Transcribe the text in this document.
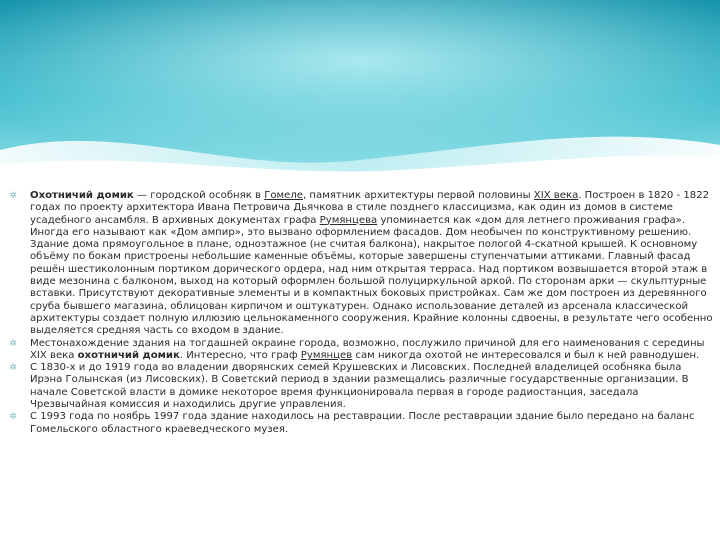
✲ Охотничий домик — городской особняк в Гомеле, памятник архитектуры первой половины XIX века. Построен в 1820 - 1822 годах по проекту архитектора Ивана Петровича Дьячкова в стиле позднего классицизма, как один из домов в системе усадебного ансамбля. В архивных документах графа Румянцева упоминается как «дом для летнего проживания графа». Иногда его называют как «Дом ампир», это вызвано оформлением фасадов. Дом необычен по конструктивному решению. Здание дома прямоугольное в плане, одноэтажное (не считая балкона), накрытое пологой 4-скатной крышей. К основному объёму по бокам пристроены небольшие каменные объёмы, которые завершены ступенчатыми аттиками. Главный фасад решён шестиколонным портиком дорического ордера, над ним открытая терраса. Над портиком возвышается второй этаж в виде мезонина с балконом, выход на который оформлен большой полуциркульной аркой. По сторонам арки — скульптурные вставки. Присутствуют декоративные элементы и в компактных боковых пристройках. Сам же дом построен из деревянного сруба бывшего магазина, облицован кирпичом и оштукатурен. Однако использование деталей из арсенала классической архитектуры создает полную иллюзию цельнокаменного сооружения. Крайние колонны сдвоены, в результате чего особенно выделяется средняя часть со входом в здание.

✲ Местонахождение здания на тогдашней окраине города, возможно, послужило причиной для его наименования с середины XIX века охотничий домик. Интересно, что граф Румянцев сам никогда охотой не интересовался и был к ней равнодушен.

✲ С 1830-х и до 1919 года во владении дворянских семей Крушевских и Лисовских. Последней владелицей особняка была Ирэна Голынская (из Лисовских). В Советский период в здании размещались различные государственные организации. В начале Советской власти в домике некоторое время функционировала первая в городе радиостанция, заседала Чрезвычайная комиссия и находились другие управления.

✲ С 1993 года по ноябрь 1997 года здание находилось на реставрации. После реставрации здание было передано на баланс Гомельского областного краеведческого музея.
